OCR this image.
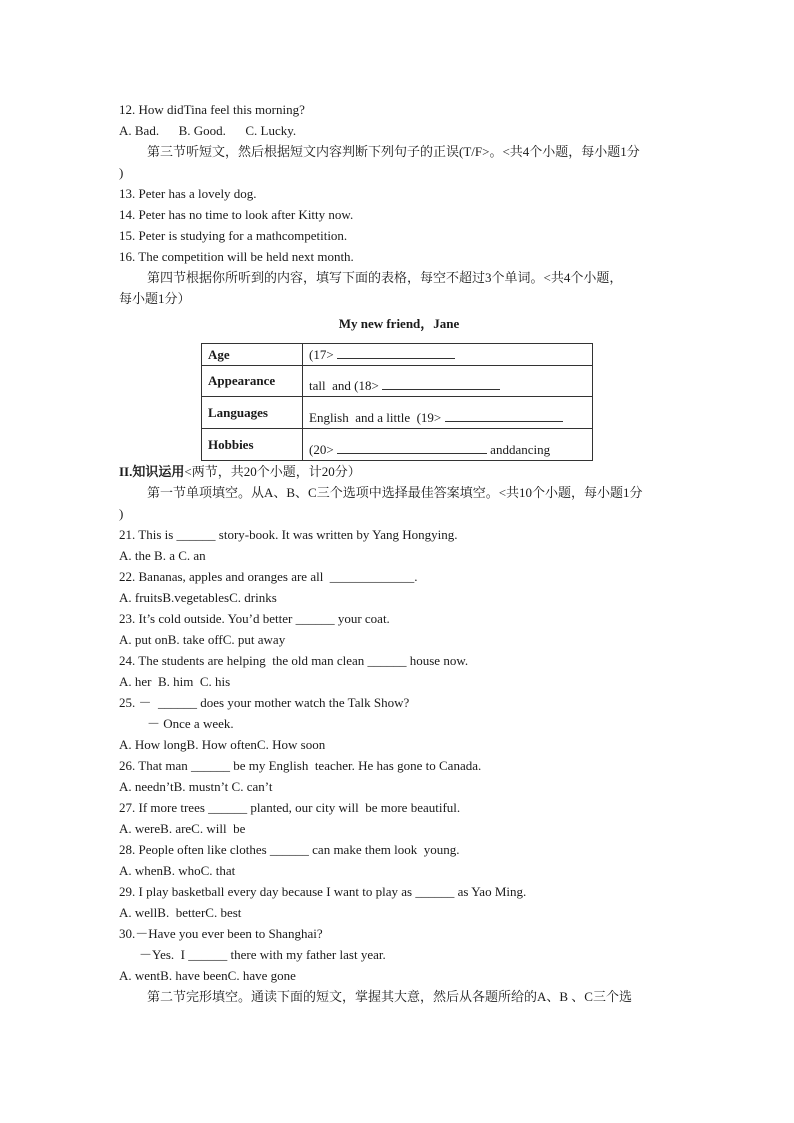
12. How didTina feel this morning?
A. Bad.      B. Good.      C. Lucky.
第三节听短文，然后根据短文内容判断下列句子的正误(T/F>。<共4个小题，每小题1分
)
13. Peter has a lovely dog.
14. Peter has no time to look after Kitty now.
15. Peter is studying for a mathcompetition.
16. The competition will be held next month.
第四节根据你所听到的内容，填写下面的表格，每空不超过3个单词。<共4个小题，
每小题1分）
My new friend，Jane
Age	(17>
Appearance	tall  and (18>
Languages	English  and a little  (19>
Hobbies	(20> anddancing
II.知识运用<两节，共20个小题，计20分）
第一节单项填空。从A、B、C三个选项中选择最佳答案填空。<共10个小题，每小题1分
)
21. This is ______ story-book. It was written by Yang Hongying.
A. the B. a C. an
22. Bananas, apples and oranges are all  _____________.
A. fruitsB.vegetablesC. drinks
23. It’s cold outside. You’d better ______ your coat.
A. put onB. take offC. put away
24. The students are helping  the old man clean ______ house now.
A. her  B. him  C. his
25. －  ______ does your mother watch the Talk Show?
－ Once a week.
A. How longB. How oftenC. How soon
26. That man ______ be my English  teacher. He has gone to Canada.
A. needn’tB. mustn’t C. can’t
27. If more trees ______ planted, our city will  be more beautiful.
A. wereB. areC. will  be
28. People often like clothes ______ can make them look  young.
A. whenB. whoC. that
29. I play basketball every day because I want to play as ______ as Yao Ming.
A. wellB.  betterC. best
30.－Have you ever been to Shanghai?
－Yes.  I ______ there with my father last year.
A. wentB. have beenC. have gone
第二节完形填空。通读下面的短文，掌握其大意，然后从各题所给的A、B 、C三个选
